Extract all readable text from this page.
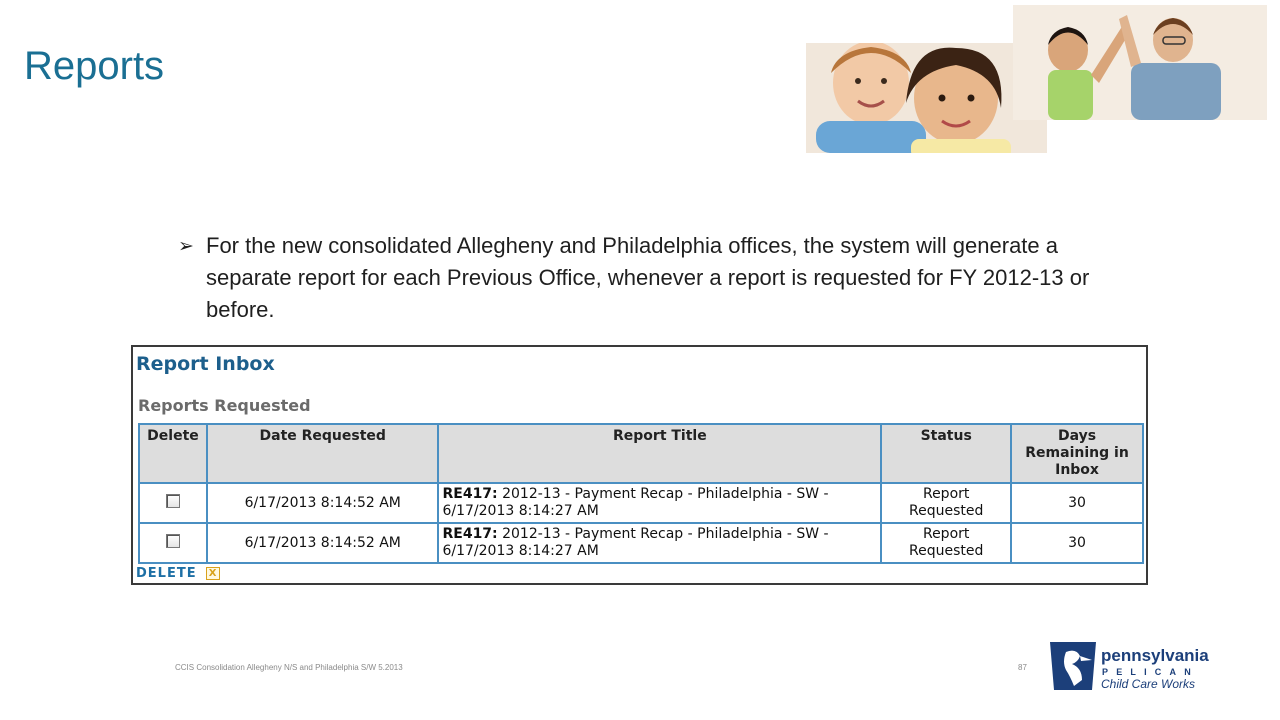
Reports
➢ For the new consolidated Allegheny and Philadelphia offices, the system will generate a separate report for each Previous Office, whenever a report is requested for FY 2012-13 or before.
Report Inbox
Reports Requested
Delete	Date Requested	Report Title	Status	Days Remaining in Inbox
	6/17/2013 8:14:52 AM	RE417: 2012-13 - Payment Recap - Philadelphia - SW - 6/17/2013 8:14:27 AM	Report Requested	30
	6/17/2013 8:14:52 AM	RE417: 2012-13 - Payment Recap - Philadelphia - SW - 6/17/2013 8:14:27 AM	Report Requested	30
DELETE	X
CCIS Consolidation Allegheny N/S and Philadelphia S/W 5.2013	87
pennsylvania
PELICAN
Child Care Works
